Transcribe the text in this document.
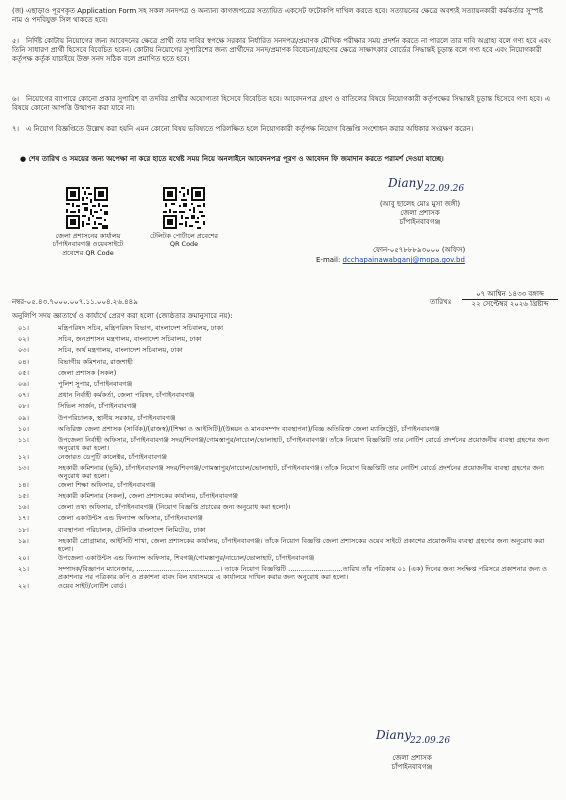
(জ) এছাড়াও পূরণকৃত Application Form সহ সকল সনদপত্র ও অন্যান্য কাগজপত্রের সত্যায়িত একসেট ফটোকপি দাখিল করতে হবে। সত্যায়নের ক্ষেত্রে অবশ্যই সত্যায়নকারী কর্মকর্তার সুস্পষ্ট নাম ও পদবিযুক্ত সিল থাকতে হবে।
৫। নির্দিষ্ট কোটায় নিয়োগের জন্য আবেদনের ক্ষেত্রে প্রার্থী তার দাবির স্বপক্ষে সরকার নির্ধারিত সনদপত্র/প্রমাণক মৌখিক পরীক্ষার সময় প্রদর্শন করতে না পারলে তার দাবি অগ্রাহ্য বলে গণ্য হবে এবং তিনি সাধারণ প্রার্থী হিসেবে বিবেচিত হবেন। কোটায় নিয়োগের সুপারিশের জন্য প্রার্থীদের সনদ/প্রমাণক বিবেচনা/গ্রহণের ক্ষেত্রে সাক্ষাৎকার বোর্ডের সিদ্ধান্তই চূড়ান্ত বলে গণ্য হবে এবং নিয়োগকারী কর্তৃপক্ষ কর্তৃক যাচাইয়ে উক্ত সনদ সঠিক বলে প্রমাণিত হতে হবে।
৬। নিয়োগের ব্যাপারে কোনো প্রকার সুপারিশ বা তদবির প্রার্থীর অযোগ্যতা হিসেবে বিবেচিত হবে। আবেদনপত্র গ্রহণ ও বাতিলের বিষয়ে নিয়োগকারী কর্তৃপক্ষের সিদ্ধান্তই চূড়ান্ত হিসেবে গণ্য হবে। এ বিষয়ে কোনো আপত্তি উত্থাপন করা যাবে না।
৭। এ নিয়োগ বিজ্ঞপ্তিতে উল্লেখ করা হয়নি এমন কোনো বিষয় ভবিষ্যতে পরিলক্ষিত হলে নিয়োগকারী কর্তৃপক্ষ নিয়োগ বিজ্ঞপ্তি সংশোধন করার অধিকার সংরক্ষণ করেন।
● শেষ তারিখ ও সময়ের জন্য অপেক্ষা না করে হাতে যথেষ্ট সময় নিয়ে অনলাইনে আবেদনপত্র পূরণ ও আবেদন ফি জমাদান করতে পরামর্শ দেওয়া যাচ্ছে।
জেলা প্রশাসনের কার্যালয় চাঁপাইনবাবগঞ্জ ওয়েবসাইটে প্রবেশের QR Code
টেলিটক পোর্টালে প্রবেশের QR Code
Diany 22.09.26
(আবু ছালেহ মোঃ মুসা জঙ্গী)
জেলা প্রশাসক
চাঁপাইনবাবগঞ্জ
ফোন-০৫৭৮৮৮৯৩০০০ (অফিস)
E-mail: dcchapainawabganj@mopa.gov.bd
নম্বর-০৫.৪৩.৭০০০.০০৭.১১.০০৪.২৬.৪৪৯	তারিখঃ
০৭ আশ্বিন ১৪৩৩ বঙ্গাব্দ
২২ সেপ্টেম্বর ২০২৬ খ্রিষ্টাব্দ
অনুলিপি সদয় জ্ঞাতার্থে ও কার্যার্থে প্রেরণ করা হলো (জ্যেষ্ঠতার ক্রমানুসারে নয়):
০১।	মন্ত্রিপরিষদ সচিব, মন্ত্রিপরিষদ বিভাগ, বাংলাদেশ সচিবালয়, ঢাকা
০২।	সচিব, জনপ্রশাসন মন্ত্রণালয়, বাংলাদেশ সচিবালয়, ঢাকা
০৩।	সচিব, অর্থ মন্ত্রণালয়, বাংলাদেশ সচিবালয়, ঢাকা
০৪।	বিভাগীয় কমিশনার, রাজশাহী
০৫।	জেলা প্রশাসক (সকল)
০৬।	পুলিশ সুপার, চাঁপাইনবাবগঞ্জ
০৭।	প্রধান নির্বাহী কর্মকর্তা, জেলা পরিষদ, চাঁপাইনবাবগঞ্জ
০৮।	সিভিল সার্জন, চাঁপাইনবাবগঞ্জ
০৯।	উপপরিচালক, স্থানীয় সরকার, চাঁপাইনবাবগঞ্জ
১০।	অতিরিক্ত জেলা প্রশাসক (সার্বিক)/(রাজস্ব)/(শিক্ষা ও আইসিটি)/(উন্নয়ন ও মানবসম্পদ ব্যবস্থাপনা)/বিজ্ঞ অতিরিক্ত জেলা ম্যাজিস্ট্রেট, চাঁপাইনবাবগঞ্জ
১১।	উপজেলা নির্বাহী অফিসার, চাঁপাইনবাবগঞ্জ সদর/শিবগঞ্জ/গোমস্তাপুর/নাচোল/ভোলাহাট, চাঁপাইনবাবগঞ্জ। তাঁকে নিয়োগ বিজ্ঞপ্তিটি তার নোটিশ বোর্ডে প্রদর্শনের প্রয়োজনীয় ব্যবস্থা গ্রহণের জন্য অনুরোধ করা হলো।
১২।	নেজারত ডেপুটি কালেক্টর, চাঁপাইনবাবগঞ্জ
১৩।	সহকারী কমিশনার (ভূমি), চাঁপাইনবাবগঞ্জ সদর/শিবগঞ্জ/গোমস্তাপুর/নাচোল/ভোলাহাট, চাঁপাইনবাবগঞ্জ। তাঁকে নিয়োগ বিজ্ঞপ্তিটি তার নোটিশ বোর্ডে প্রদর্শনের প্রয়োজনীয় ব্যবস্থা গ্রহণের জন্য অনুরোধ করা হলো।
১৪।	জেলা শিক্ষা অফিসার, চাঁপাইনবাবগঞ্জ
১৫।	সহকারী কমিশনার (সকল), জেলা প্রশাসকের কার্যালয়, চাঁপাইনবাবগঞ্জ
১৬।	জেলা তথ্য অফিসার, চাঁপাইনবাবগঞ্জ (নিয়োগ বিজ্ঞপ্তি প্রচারের জন্য অনুরোধ করা হলো)।
১৭।	জেলা একাউন্টস এন্ড ফিন্যান্স অফিসার, চাঁপাইনবাবগঞ্জ
১৮।	ব্যবস্থাপনা পরিচালক, টেলিটক বাংলাদেশ লিমিটেড, ঢাকা
১৯।	সহকারী প্রোগ্রামার, আইসিটি শাখা, জেলা প্রশাসকের কার্যালয়, চাঁপাইনবাবগঞ্জ। তাঁকে নিয়োগ বিজ্ঞপ্তি জেলা প্রশাসকের ওয়েব সাইটে প্রকাশের প্রয়োজনীয় ব্যবস্থা গ্রহণের জন্য অনুরোধ করা হলো।
২০।	উপজেলা একাউন্টস এন্ড ফিন্যান্স অফিসার, শিবগঞ্জ/গোমস্তাপুর/নাচোল/ভোলাহাট, চাঁপাইনবাবগঞ্জ
২১।	সম্পাদক/বিজ্ঞাপন ম্যানেজার, ........................................। তাকে নিয়োগ বিজ্ঞপ্তিটি ..........................তারিখ তাঁর পত্রিকায় ০১ (এক) দিনের জন্য সংক্ষিপ্ত পরিসরে প্রকাশনার জন্য ও প্রকাশনার পর পত্রিকার কপি ও প্রকাশনা বাবদ বিল যথাসময়ে এ কার্যালয়ে দাখিল করার জন্য অনুরোধ করা হলো।
২২।	ওয়েব সাইট/নোটিশ বোর্ড।
Diany
22.09.26
জেলা প্রশাসক
চাঁপাইনবাবগঞ্জ
